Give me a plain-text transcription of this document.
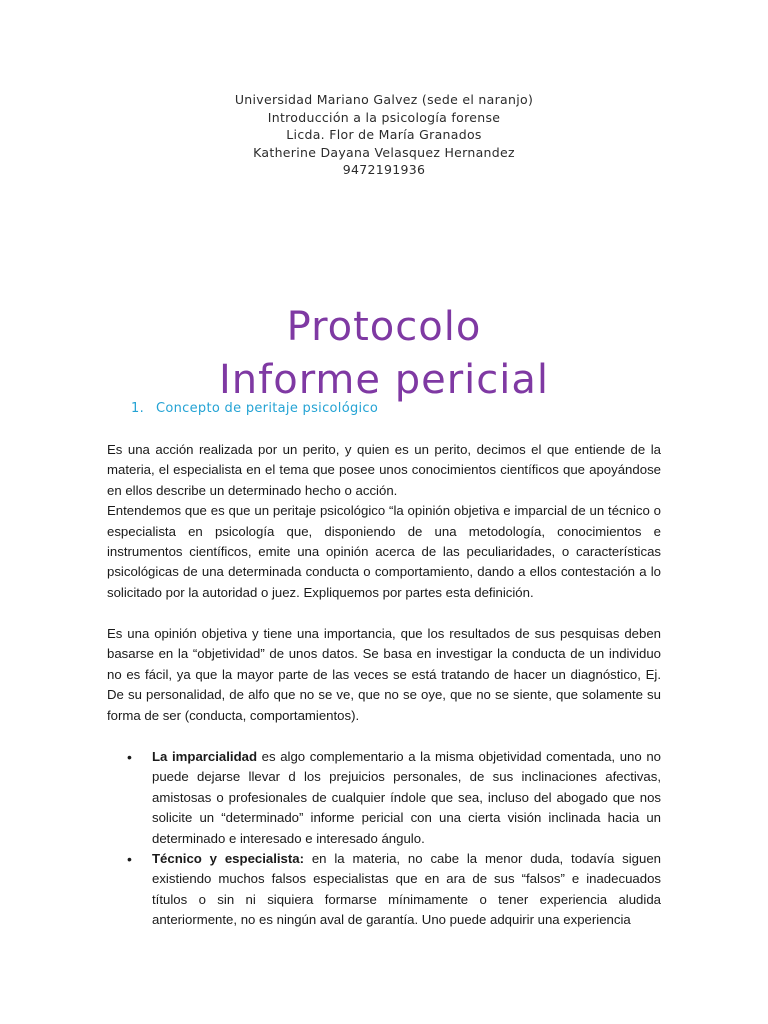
Universidad Mariano Galvez (sede el naranjo)
Introducción a la psicología forense
Licda. Flor de María Granados
Katherine Dayana Velasquez Hernandez
9472191936
Protocolo
Informe pericial
1. Concepto de peritaje psicológico

Es una acción realizada por un perito, y quien es un perito, decimos el que entiende de la materia, el especialista en el tema que posee unos conocimientos científicos que apoyándose en ellos describe un determinado hecho o acción.

Entendemos que es que un peritaje psicológico “la opinión objetiva e imparcial de un técnico o especialista en psicología que, disponiendo de una metodología, conocimientos e instrumentos científicos, emite una opinión acerca de las peculiaridades, o características psicológicas de una determinada conducta o comportamiento, dando a ellos contestación a lo solicitado por la autoridad o juez. Expliquemos por partes esta definición.

Es una opinión objetiva y tiene una importancia, que los resultados de sus pesquisas deben basarse en la “objetividad” de unos datos. Se basa en investigar la conducta de un individuo no es fácil, ya que la mayor parte de las veces se está tratando de hacer un diagnóstico, Ej. De su personalidad, de alfo que no se ve, que no se oye, que no se siente, que solamente su forma de ser (conducta, comportamientos).

• La imparcialidad es algo complementario a la misma objetividad comentada, uno no puede dejarse llevar d los prejuicios personales, de sus inclinaciones afectivas, amistosas o profesionales de cualquier índole que sea, incluso del abogado que nos solicite un “determinado” informe pericial con una cierta visión inclinada hacia un determinado e interesado e interesado ángulo.
• Técnico y especialista: en la materia, no cabe la menor duda, todavía siguen existiendo muchos falsos especialistas que en ara de sus “falsos” e inadecuados títulos o sin ni siquiera formarse mínimamente o tener experiencia aludida anteriormente, no es ningún aval de garantía. Uno puede adquirir una experiencia
